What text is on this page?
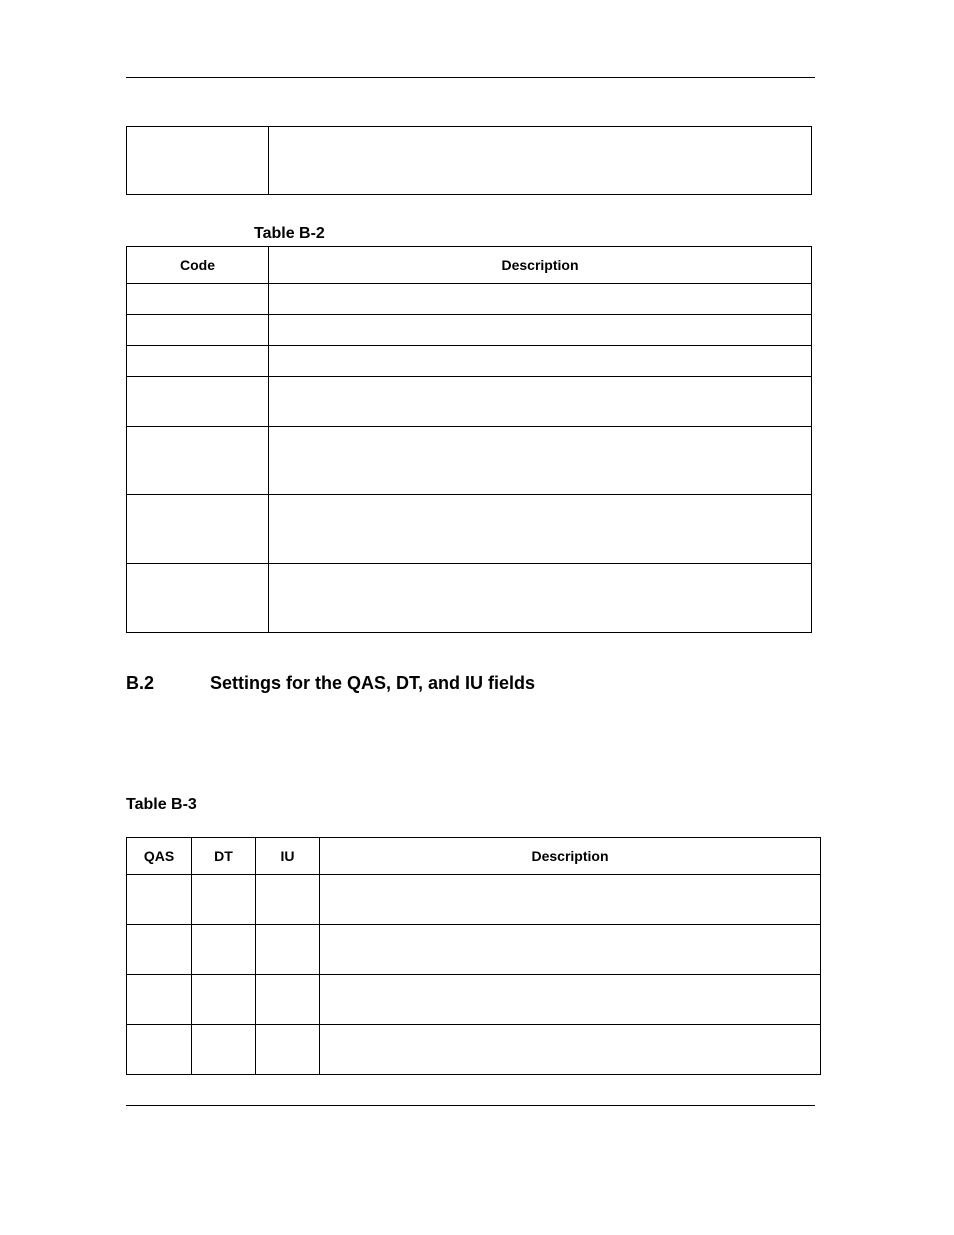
Table B-2
Code	Description

B.2	Settings for the QAS, DT, and IU fields
Table B-3
QAS	DT	IU	Description
